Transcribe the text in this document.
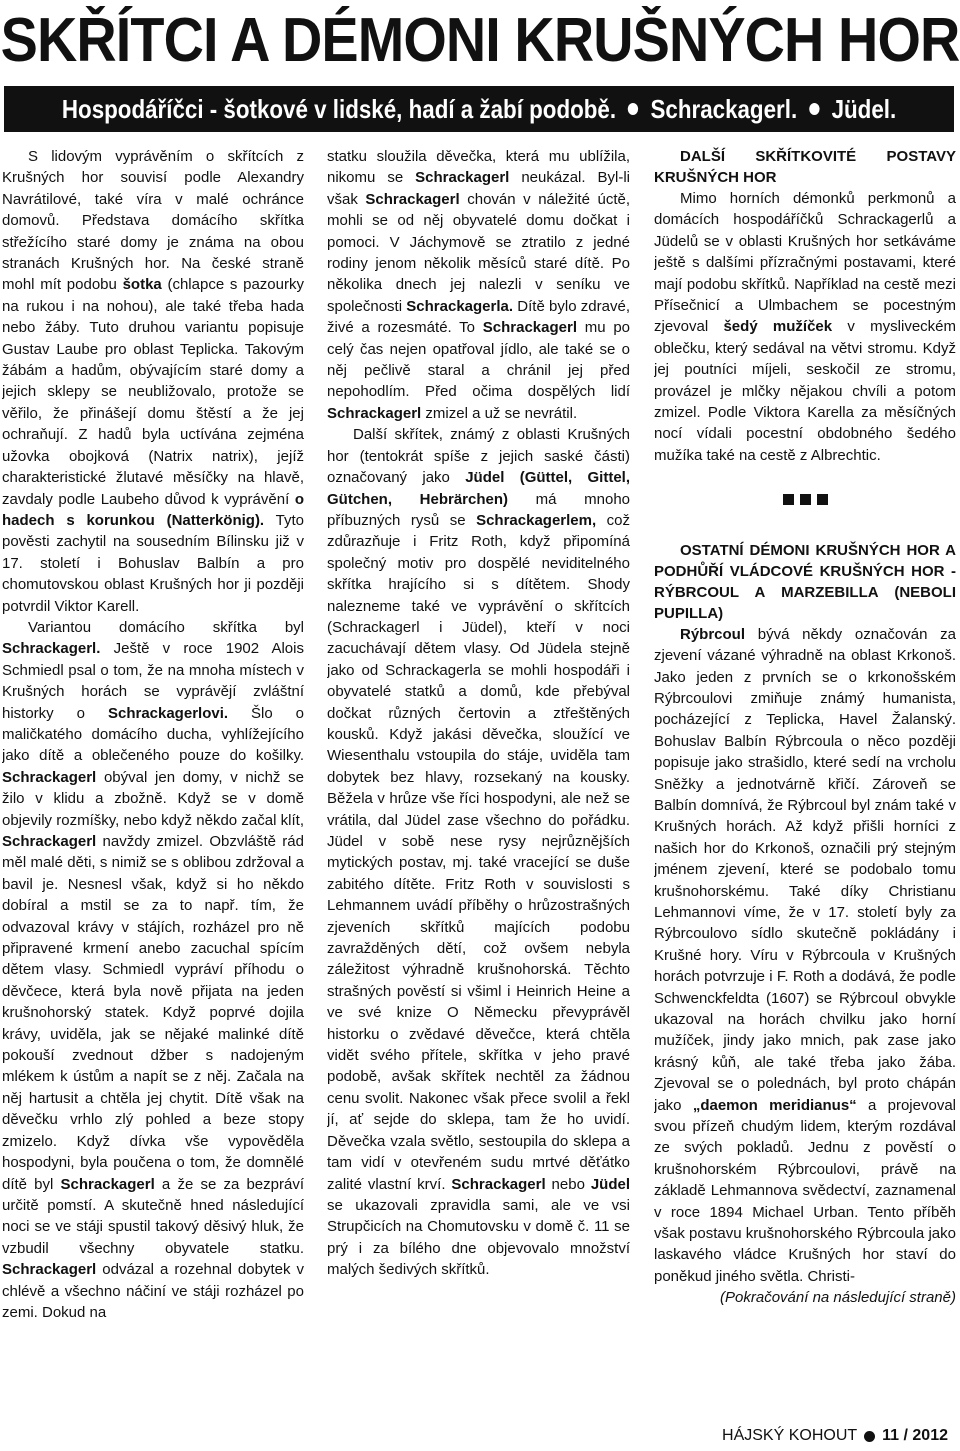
SKŘÍTCI A DÉMONI KRUŠNÝCH HOR
Hospodáříčci - šotkové v lidské, hadí a žabí podobě. Schrackagerl. Jüdel.

S lidovým vyprávěním o skřítcích z Krušných hor souvisí podle Alexandry Navrátilové, také víra v malé ochránce domovů. Představa domácího skřítka střežícího staré domy je známa na obou stranách Krušných hor. Na české straně mohl mít podobu šotka (chlapce s pazourky na rukou i na nohou), ale také třeba hada nebo žáby. Tuto druhou variantu popisuje Gustav Laube pro oblast Teplicka. Takovým žábám a hadům, obývajícím staré domy a jejich sklepy se neubližovalo, protože se věřilo, že přinášejí domu štěstí a že jej ochraňují. Z hadů byla uctívána zejména užovka obojková (Natrix natrix), jejíž charakteristické žlutavé měsíčky na hlavě, zavdaly podle Laubeho důvod k vyprávění o hadech s korunkou (Natterkönig). Tyto pověsti zachytil na sousedním Bílinsku již v 17. století i Bohuslav Balbín a pro chomutovskou oblast Krušných hor ji později potvrdil Viktor Karell.

Variantou domácího skřítka byl Schrackagerl. Ještě v roce 1902 Alois Schmiedl psal o tom, že na mnoha místech v Krušných horách se vyprávějí zvláštní historky o Schrackagerlovi. Šlo o maličkatého domácího ducha, vyhlížejícího jako dítě a oblečeného pouze do košilky. Schrackagerl obýval jen domy, v nichž se žilo v klidu a zbožně. Když se v domě objevily rozmíšky, nebo když někdo začal klít, Schrackagerl navždy zmizel. Obzvláště rád měl malé děti, s nimiž se s oblibou zdržoval a bavil je. Nesnesl však, když si ho někdo dobíral a mstil se za to např. tím, že odvazoval krávy v stájích, rozházel pro ně připravené krmení anebo zacuchal spícím dětem vlasy. Schmiedl vypráví příhodu o děvčece, která byla nově přijata na jeden krušnohorský statek. Když poprvé dojila krávy, uviděla, jak se nějaké malinké dítě pokouší zvednout džber s nadojeným mlékem k ústům a napít se z něj. Začala na něj hartusit a chtěla jej chytit. Dítě však na děvečku vrhlo zlý pohled a beze stopy zmizelo. Když dívka vše vypověděla hospodyni, byla poučena o tom, že domnělé dítě byl Schrackagerl a že se za bezpráví určitě pomstí. A skutečně hned následující noci se ve stáji spustil takový děsivý hluk, že vzbudil všechny obyvatele statku. Schrackagerl odvázal a rozehnal dobytek v chlévě a všechno náčiní ve stáji rozházel po zemi. Dokud na

statku sloužila děvečka, která mu ublížila, nikomu se Schrackagerl neukázal. Byl-li však Schrackagerl chován v náležité úctě, mohli se od něj obyvatelé domu dočkat i pomoci. V Jáchymově se ztratilo z jedné rodiny jenom několik měsíců staré dítě. Po několika dnech jej nalezli v seníku ve společnosti Schrackagerla. Dítě bylo zdravé, živé a rozesmáté. To Schrackagerl mu po celý čas nejen opatřoval jídlo, ale také se o něj pečlivě staral a chránil jej před nepohodlím. Před očima dospělých lidí Schrackagerl zmizel a už se nevrátil.

Další skřítek, známý z oblasti Krušných hor (tentokrát spíše z jejich saské části) označovaný jako Jüdel (Güttel, Gittel, Gütchen, Hebrärchen) má mnoho příbuzných rysů se Schrackagerlem, což zdůrazňuje i Fritz Roth, když připomíná společný motiv pro dospělé neviditelného skřítka hrajícího si s dítětem. Shody nalezneme také ve vyprávění o skřítcích (Schrackagerl i Jüdel), kteří v noci zacuchávají dětem vlasy. Od Jüdela stejně jako od Schrackagerla se mohli hospodáři i obyvatelé statků a domů, kde přebýval dočkat různých čertovin a ztřeštěných kousků. Když jakási děvečka, sloužící ve Wiesenthalu vstoupila do stáje, uviděla tam dobytek bez hlavy, rozsekaný na kousky. Běžela v hrůze vše říci hospodyni, ale než se vrátila, dal Jüdel zase všechno do pořádku. Jüdel v sobě nese rysy nejrůznějších mytických postav, mj. také vracející se duše zabitého dítěte. Fritz Roth v souvislosti s Lehmannem uvádí příběhy o hrůzostrašných zjeveních skřítků majících podobu zavražděných dětí, což ovšem nebyla záležitost výhradně krušnohorská. Těchto strašných pověstí si všiml i Heinrich Heine a ve své knize O Německu převyprávěl historku o zvědavé děvečce, která chtěla vidět svého přítele, skřítka v jeho pravé podobě, avšak skřítek nechtěl za žádnou cenu svolit. Nakonec však přece svolil a řekl jí, ať sejde do sklepa, tam že ho uvidí. Děvečka vzala světlo, sestoupila do sklepa a tam vidí v otevřeném sudu mrtvé děťátko zalité vlastní krví. Schrackagerl nebo Jüdel se ukazovali zpravidla sami, ale ve vsi Strupčicích na Chomutovsku v domě č. 11 se prý i za bílého dne objevovalo množství malých šedivých skřítků.

DALŠÍ SKŘÍTKOVITÉ POSTAVY KRUŠNÝCH HOR

Mimo horních démonků perkmonů a domácích hospodáříčků Schrackagerlů a Jüdelů se v oblasti Krušných hor setkáváme ještě s dalšími přízračnými postavami, které mají podobu skřítků. Například na cestě mezi Přísečnicí a Ulmbachem se pocestným zjevoval šedý mužíček v mysliveckém oblečku, který sedával na větvi stromu. Když jej poutníci míjeli, seskočil ze stromu, provázel je mlčky nějakou chvíli a potom zmizel. Podle Viktora Karella za měsíčných nocí vídali pocestní obdobného šedého mužíka také na cestě z Albrechtic.

OSTATNÍ DÉMONI KRUŠNÝCH HOR A PODHŮŘÍ VLÁDCOVÉ KRUŠNÝCH HOR - RÝBRCOUL A MARZEBILLA (NEBOLI PUPILLA)

Rýbrcoul bývá někdy označován za zjevení vázané výhradně na oblast Krkonoš. Jako jeden z prvních se o krkonošském Rýbrcoulovi zmiňuje známý humanista, pocházející z Teplicka, Havel Žalanský. Bohuslav Balbín Rýbrcoula o něco později popisuje jako strašidlo, které sedí na vrcholu Sněžky a jednotvárně křičí. Zároveň se Balbín domnívá, že Rýbrcoul byl znám také v Krušných horách. Až když přišli horníci z našich hor do Krkonoš, označili prý stejným jménem zjevení, které se podobalo tomu krušnohorskému. Také díky Christianu Lehmannovi víme, že v 17. století byly za Rýbrcoulovo sídlo skutečně pokládány i Krušné hory. Víru v Rýbrcoula v Krušných horách potvrzuje i F. Roth a dodává, že podle Schwenckfeldta (1607) se Rýbrcoul obvykle ukazoval na horách chvilku jako horní mužíček, jindy jako mnich, pak zase jako krásný kůň, ale také třeba jako žába. Zjevoval se o polednách, byl proto chápán jako „daemon meridianus“ a projevoval svou přízeň chudým lidem, kterým rozdával ze svých pokladů. Jednu z pověstí o krušnohorském Rýbrcoulovi, právě na základě Lehmannova svědectví, zaznamenal v roce 1894 Michael Urban. Tento příběh však postavu krušnohorského Rýbrcoula jako laskavého vládce Krušných hor staví do poněkud jiného světla. Christi-

(Pokračování na následující straně)

HÁJSKÝ KOHOUT 11 / 2012
